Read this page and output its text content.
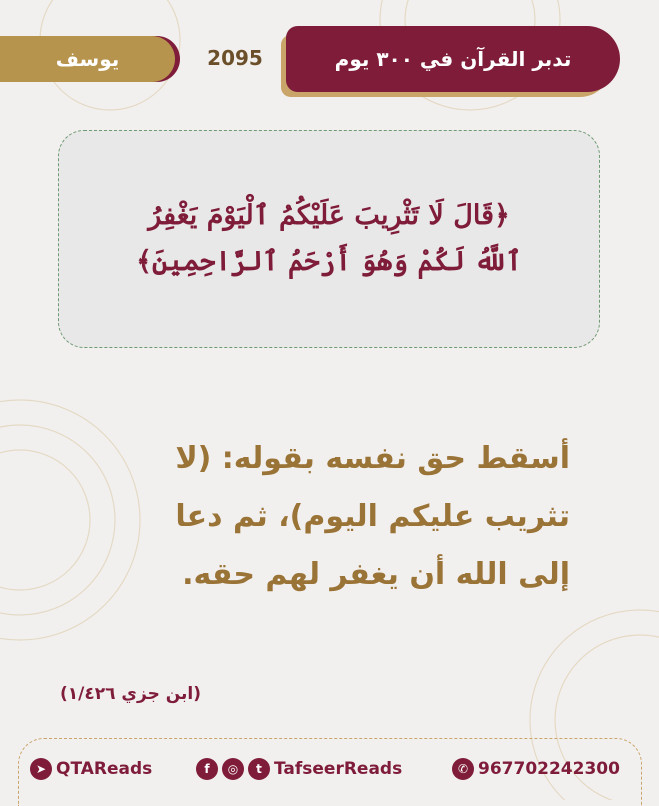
تدبر القرآن في ٣٠٠ يوم
2095
يوسف
﴿قَالَ لَا تَثْرِيبَ عَلَيْكُمُ ٱلْيَوْمَ يَغْفِرُ
ٱللَّهُ لَكُمْ وَهُوَ أَرْحَمُ ٱلرَّاحِمِينَ﴾
أسقط حق نفسه بقوله: (لا
تثريب عليكم اليوم)، ثم دعا
إلى الله أن يغفر لهم حقه.
(ابن جزي ١/٤٢٦)
➤ QTAReads	f	◎	t TafseerReads	✆ 967702242300
